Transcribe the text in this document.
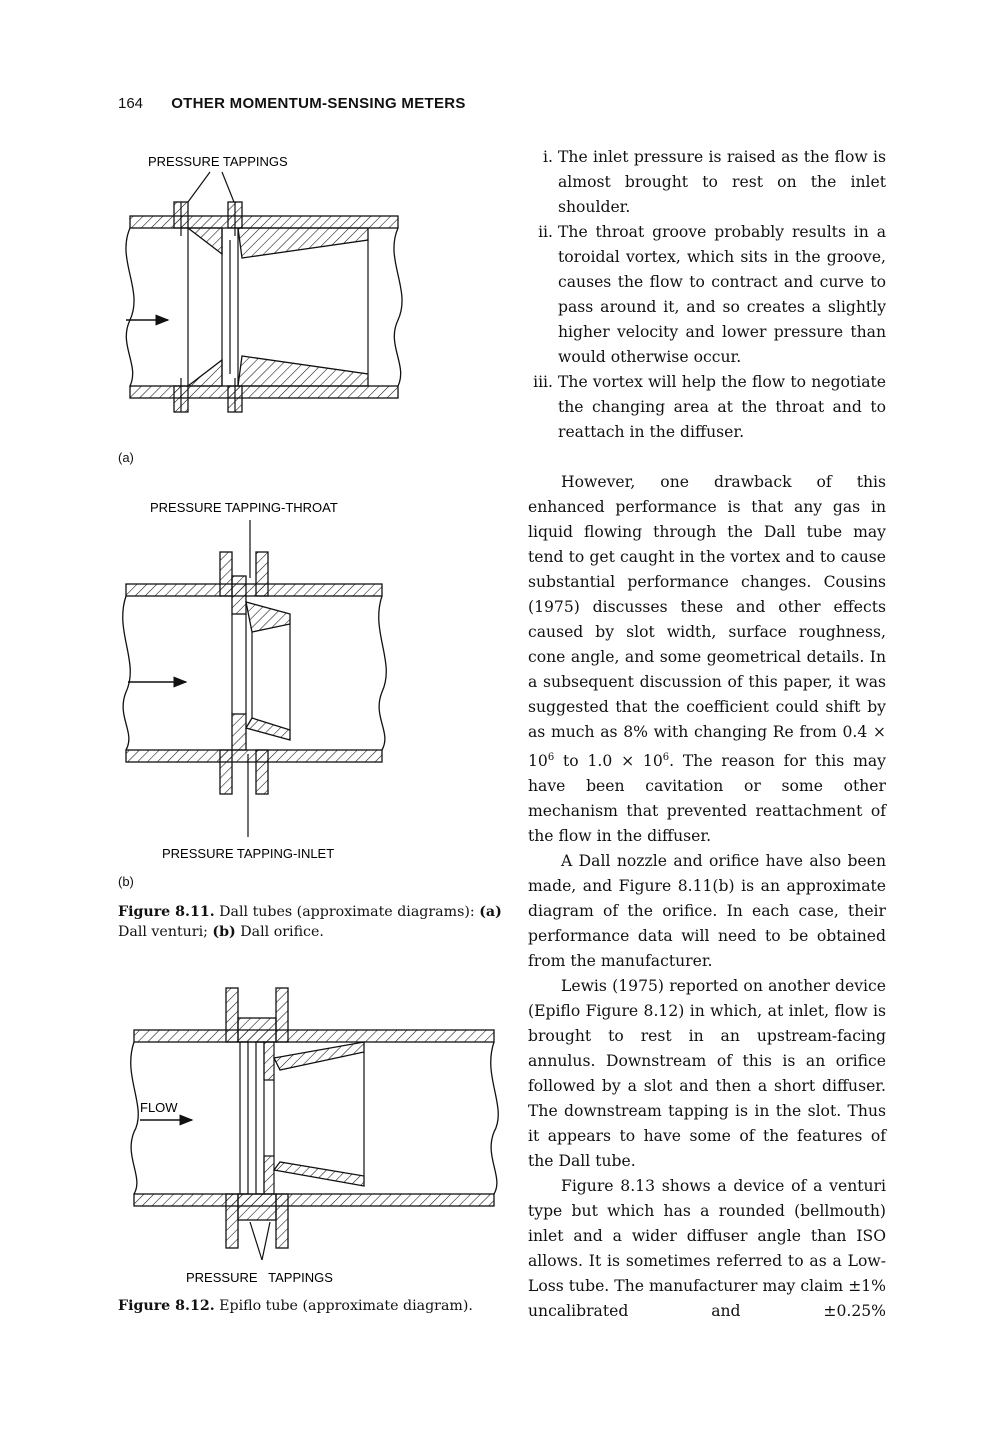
164 OTHER MOMENTUM-SENSING METERS
PRESSURE TAPPINGS
(a)
PRESSURE TAPPING-THROAT
PRESSURE TAPPING-INLET
(b)
Figure 8.11. Dall tubes (approximate diagrams): (a) Dall venturi; (b) Dall orifice.
FLOW
PRESSURE   TAPPINGS
Figure 8.12. Epiflo tube (approximate diagram).
i. The inlet pressure is raised as the flow is almost brought to rest on the inlet shoulder.
ii. The throat groove probably results in a toroidal vortex, which sits in the groove, causes the flow to contract and curve to pass around it, and so creates a slightly higher velocity and lower pressure than would otherwise occur.
iii. The vortex will help the flow to negotiate the changing area at the throat and to reattach in the diffuser.

However, one drawback of this enhanced performance is that any gas in liquid flowing through the Dall tube may tend to get caught in the vortex and to cause substantial performance changes. Cousins (1975) discusses these and other effects caused by slot width, surface roughness, cone angle, and some geometrical details. In a subsequent discussion of this paper, it was suggested that the coefficient could shift by as much as 8% with changing Re from $0.4 \times 10^6$ to $1.0 \times 10^6$. The reason for this may have been cavitation or some other mechanism that prevented reattachment of the flow in the diffuser.

A Dall nozzle and orifice have also been made, and Figure 8.11(b) is an approximate diagram of the orifice. In each case, their performance data will need to be obtained from the manufacturer.

Lewis (1975) reported on another device (Epiflo Figure 8.12) in which, at inlet, flow is brought to rest in an upstream-facing annulus. Downstream of this is an orifice followed by a slot and then a short diffuser. The downstream tapping is in the slot. Thus it appears to have some of the features of the Dall tube.

Figure 8.13 shows a device of a venturi type but which has a rounded (bellmouth) inlet and a wider diffuser angle than ISO allows. It is sometimes referred to as a Low-Loss tube. The manufacturer may claim ±1% uncalibrated and ±0.25%
